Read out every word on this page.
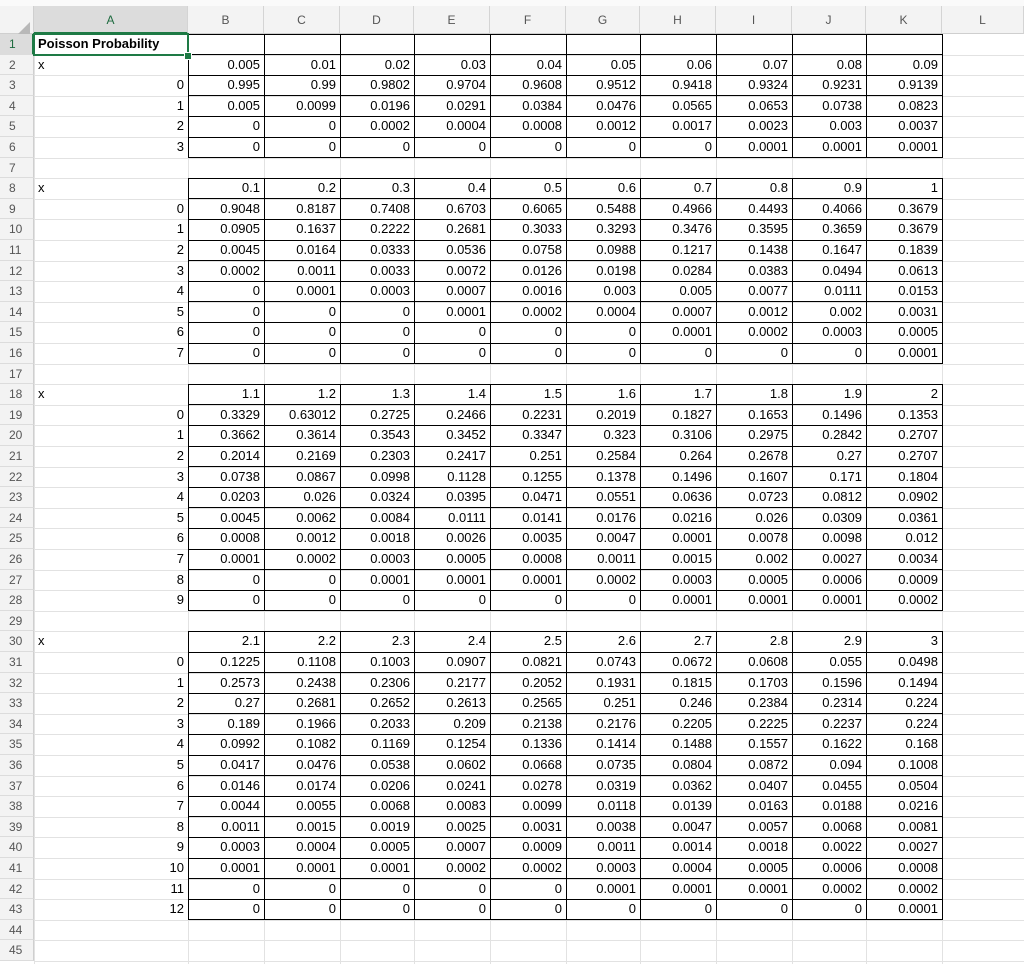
A	B	C	D	E	F	G	H	I	J	K	L
1
2
3
4
5
6
7
8
9
10
11
12
13
14
15
16
17
18
19
20
21
22
23
24
25
26
27
28
29
30
31
32
33
34
35
36
37
38
39
40
41
42
43
44
45
Poisson Probability
x	0.005	0.01	0.02	0.03	0.04	0.05	0.06	0.07	0.08	0.09
0	0.995	0.99	0.9802	0.9704	0.9608	0.9512	0.9418	0.9324	0.9231	0.9139
1	0.005	0.0099	0.0196	0.0291	0.0384	0.0476	0.0565	0.0653	0.0738	0.0823
2	0	0	0.0002	0.0004	0.0008	0.0012	0.0017	0.0023	0.003	0.0037
3	0	0	0	0	0	0	0	0.0001	0.0001	0.0001
x	0.1	0.2	0.3	0.4	0.5	0.6	0.7	0.8	0.9	1
0	0.9048	0.8187	0.7408	0.6703	0.6065	0.5488	0.4966	0.4493	0.4066	0.3679
1	0.0905	0.1637	0.2222	0.2681	0.3033	0.3293	0.3476	0.3595	0.3659	0.3679
2	0.0045	0.0164	0.0333	0.0536	0.0758	0.0988	0.1217	0.1438	0.1647	0.1839
3	0.0002	0.0011	0.0033	0.0072	0.0126	0.0198	0.0284	0.0383	0.0494	0.0613
4	0	0.0001	0.0003	0.0007	0.0016	0.003	0.005	0.0077	0.0111	0.0153
5	0	0	0	0.0001	0.0002	0.0004	0.0007	0.0012	0.002	0.0031
6	0	0	0	0	0	0	0.0001	0.0002	0.0003	0.0005
7	0	0	0	0	0	0	0	0	0	0.0001
x	1.1	1.2	1.3	1.4	1.5	1.6	1.7	1.8	1.9	2
0	0.3329	0.63012	0.2725	0.2466	0.2231	0.2019	0.1827	0.1653	0.1496	0.1353
1	0.3662	0.3614	0.3543	0.3452	0.3347	0.323	0.3106	0.2975	0.2842	0.2707
2	0.2014	0.2169	0.2303	0.2417	0.251	0.2584	0.264	0.2678	0.27	0.2707
3	0.0738	0.0867	0.0998	0.1128	0.1255	0.1378	0.1496	0.1607	0.171	0.1804
4	0.0203	0.026	0.0324	0.0395	0.0471	0.0551	0.0636	0.0723	0.0812	0.0902
5	0.0045	0.0062	0.0084	0.0111	0.0141	0.0176	0.0216	0.026	0.0309	0.0361
6	0.0008	0.0012	0.0018	0.0026	0.0035	0.0047	0.0001	0.0078	0.0098	0.012
7	0.0001	0.0002	0.0003	0.0005	0.0008	0.0011	0.0015	0.002	0.0027	0.0034
8	0	0	0.0001	0.0001	0.0001	0.0002	0.0003	0.0005	0.0006	0.0009
9	0	0	0	0	0	0	0.0001	0.0001	0.0001	0.0002
x	2.1	2.2	2.3	2.4	2.5	2.6	2.7	2.8	2.9	3
0	0.1225	0.1108	0.1003	0.0907	0.0821	0.0743	0.0672	0.0608	0.055	0.0498
1	0.2573	0.2438	0.2306	0.2177	0.2052	0.1931	0.1815	0.1703	0.1596	0.1494
2	0.27	0.2681	0.2652	0.2613	0.2565	0.251	0.246	0.2384	0.2314	0.224
3	0.189	0.1966	0.2033	0.209	0.2138	0.2176	0.2205	0.2225	0.2237	0.224
4	0.0992	0.1082	0.1169	0.1254	0.1336	0.1414	0.1488	0.1557	0.1622	0.168
5	0.0417	0.0476	0.0538	0.0602	0.0668	0.0735	0.0804	0.0872	0.094	0.1008
6	0.0146	0.0174	0.0206	0.0241	0.0278	0.0319	0.0362	0.0407	0.0455	0.0504
7	0.0044	0.0055	0.0068	0.0083	0.0099	0.0118	0.0139	0.0163	0.0188	0.0216
8	0.0011	0.0015	0.0019	0.0025	0.0031	0.0038	0.0047	0.0057	0.0068	0.0081
9	0.0003	0.0004	0.0005	0.0007	0.0009	0.0011	0.0014	0.0018	0.0022	0.0027
10	0.0001	0.0001	0.0001	0.0002	0.0002	0.0003	0.0004	0.0005	0.0006	0.0008
11	0	0	0	0	0	0.0001	0.0001	0.0001	0.0002	0.0002
12	0	0	0	0	0	0	0	0	0	0.0001
